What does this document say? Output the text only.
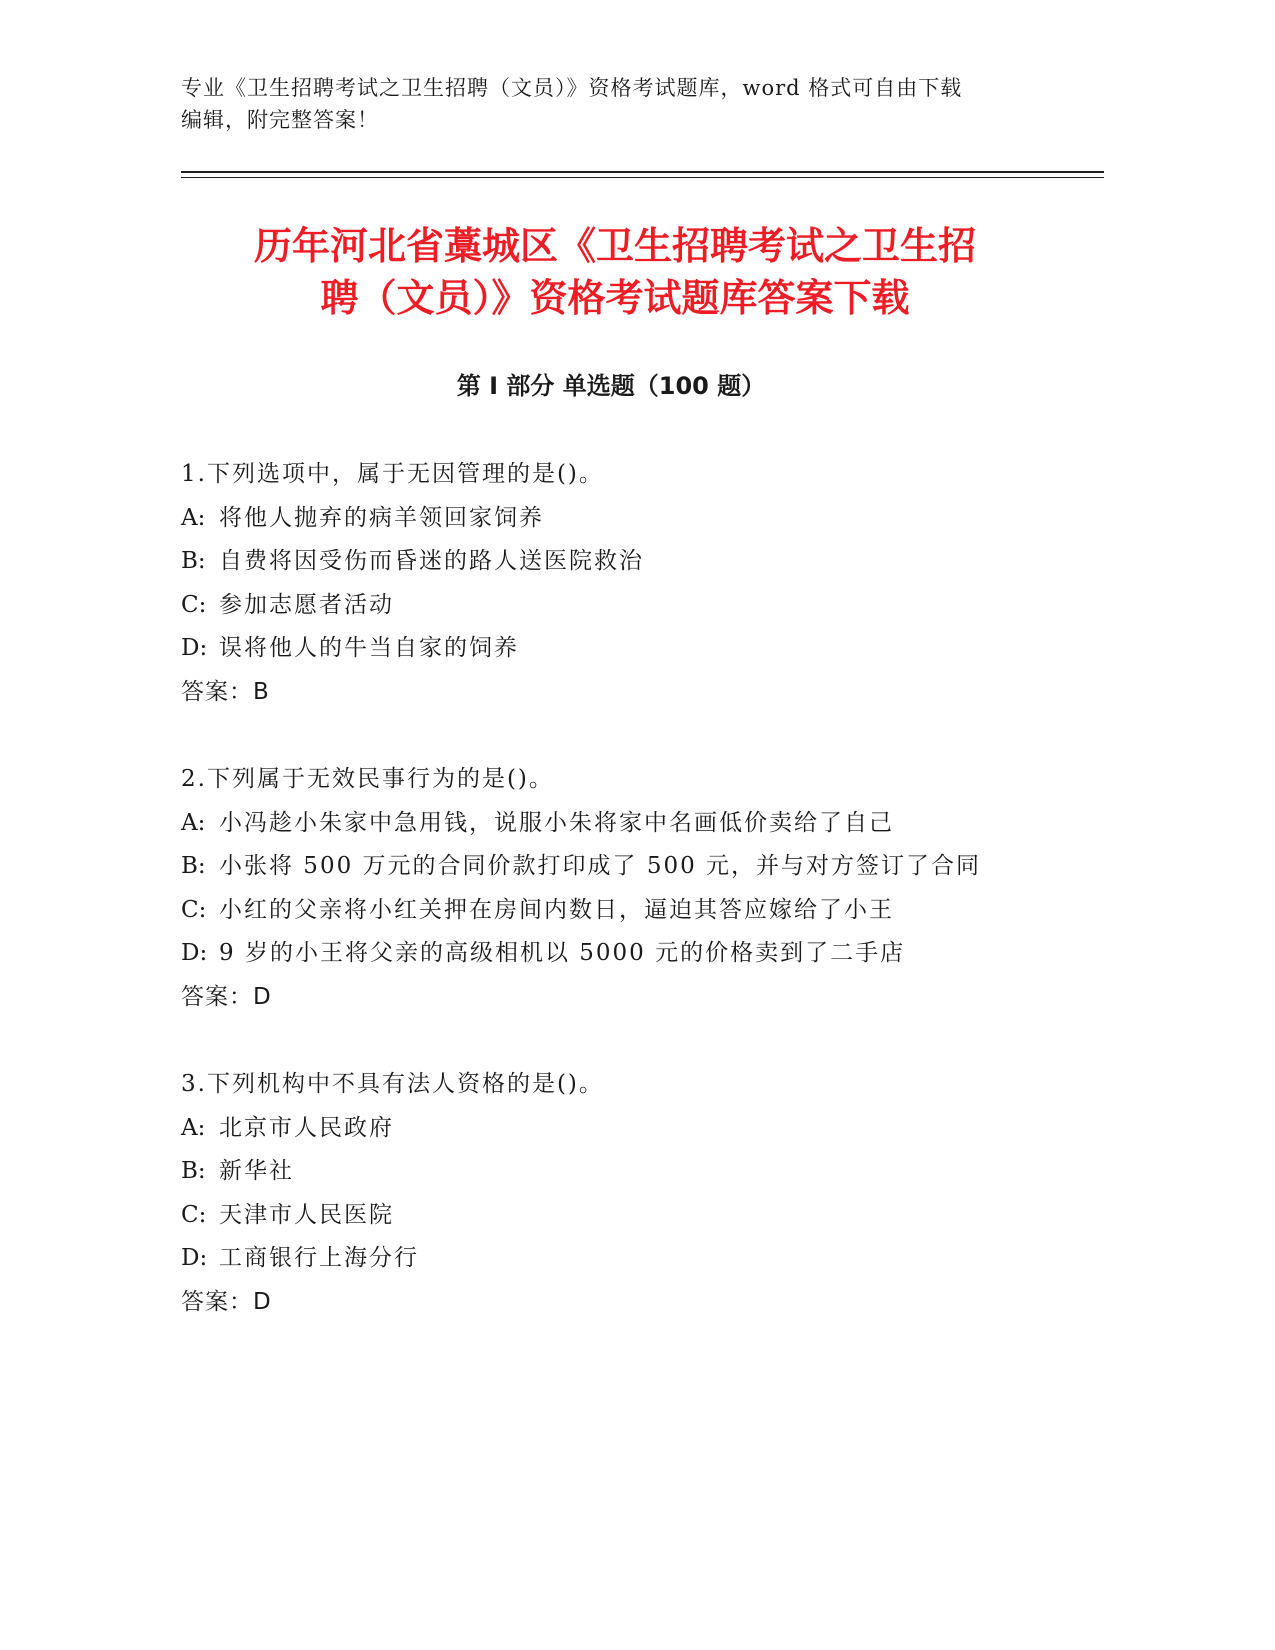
专业《卫生招聘考试之卫生招聘（文员）》资格考试题库，word 格式可自由下载
编辑，附完整答案！
历年河北省藁城区《卫生招聘考试之卫生招
聘（文员）》资格考试题库答案下载
第 I 部分 单选题（100 题）
1.下列选项中，属于无因管理的是()。
A: 将他人抛弃的病羊领回家饲养
B: 自费将因受伤而昏迷的路人送医院救治
C: 参加志愿者活动
D: 误将他人的牛当自家的饲养
答案：B
2.下列属于无效民事行为的是()。
A: 小冯趁小朱家中急用钱，说服小朱将家中名画低价卖给了自己
B: 小张将 500 万元的合同价款打印成了 500 元，并与对方签订了合同
C: 小红的父亲将小红关押在房间内数日，逼迫其答应嫁给了小王
D: 9 岁的小王将父亲的高级相机以 5000 元的价格卖到了二手店
答案：D
3.下列机构中不具有法人资格的是()。
A: 北京市人民政府
B: 新华社
C: 天津市人民医院
D: 工商银行上海分行
答案：D
